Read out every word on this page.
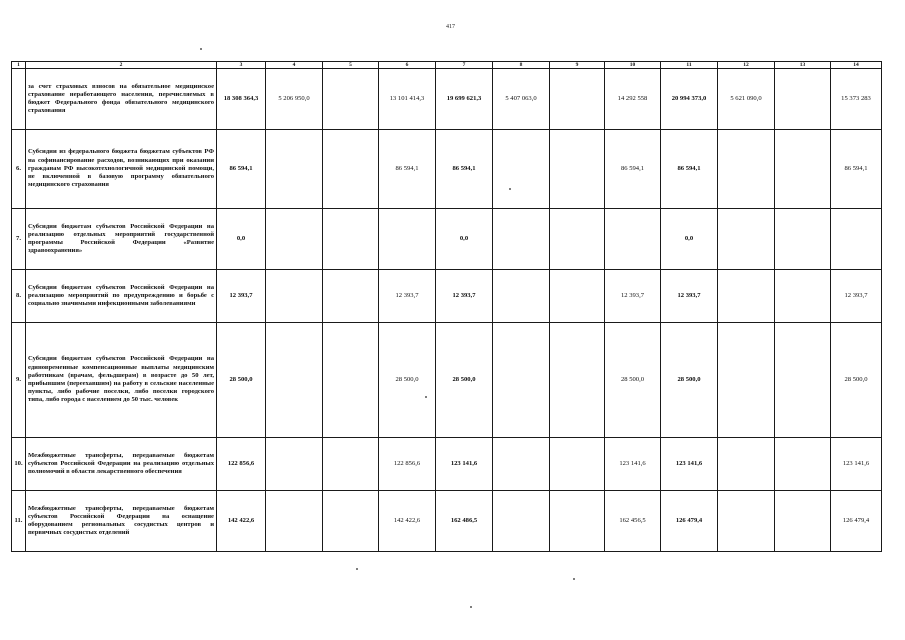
417
1	2	3	4	5	6	7	8	9	10	11	12	13	14
	за счет страховых взносов на обязательное медицинское страхование неработающего населения, перечисляемых в бюджет Федерального фонда обязательного медицинского страхования	18 308 364,3	5 206 950,0		13 101 414,3	19 699 621,3	5 407 063,0		14 292 558	20 994 373,0	5 621 090,0		15 373 283
6.	Субсидии из федерального бюджета бюджетам субъектов РФ на софинансирование расходов, возникающих при оказании гражданам РФ высокотехнологичной медицинской помощи, не включенной в базовую программу обязательного медицинского страхования	86 594,1			86 594,1	86 594,1			86 594,1	86 594,1			86 594,1
7.	Субсидии бюджетам субъектов Российской Федерации на реализацию отдельных мероприятий государственной программы Российской Федерации «Развитие здравоохранения»	0,0				0,0				0,0			
8.	Субсидии бюджетам субъектов Российской Федерации на реализацию мероприятий по предупреждению и борьбе с социально значимыми инфекционными заболеваниями	12 393,7			12 393,7	12 393,7			12 393,7	12 393,7			12 393,7
9.	Субсидии бюджетам субъектов Российской Федерации на единовременные компенсационные выплаты медицинским работникам (врачам, фельдшерам) в возрасте до 50 лет, прибывшим (переехавшим) на работу в сельские населенные пункты, либо рабочие поселки, либо поселки городского типа, либо города с населением до 50 тыс. человек	28 500,0			28 500,0	28 500,0			28 500,0	28 500,0			28 500,0
10.	Межбюджетные трансферты, передаваемые бюджетам субъектов Российской Федерации на реализацию отдельных полномочий в области лекарственного обеспечения	122 856,6			122 856,6	123 141,6			123 141,6	123 141,6			123 141,6
11.	Межбюджетные трансферты, передаваемые бюджетам субъектов Российской Федерации на оснащение оборудованием региональных сосудистых центров и первичных сосудистых отделений	142 422,6			142 422,6	162 486,5			162 456,5	126 479,4			126 479,4
